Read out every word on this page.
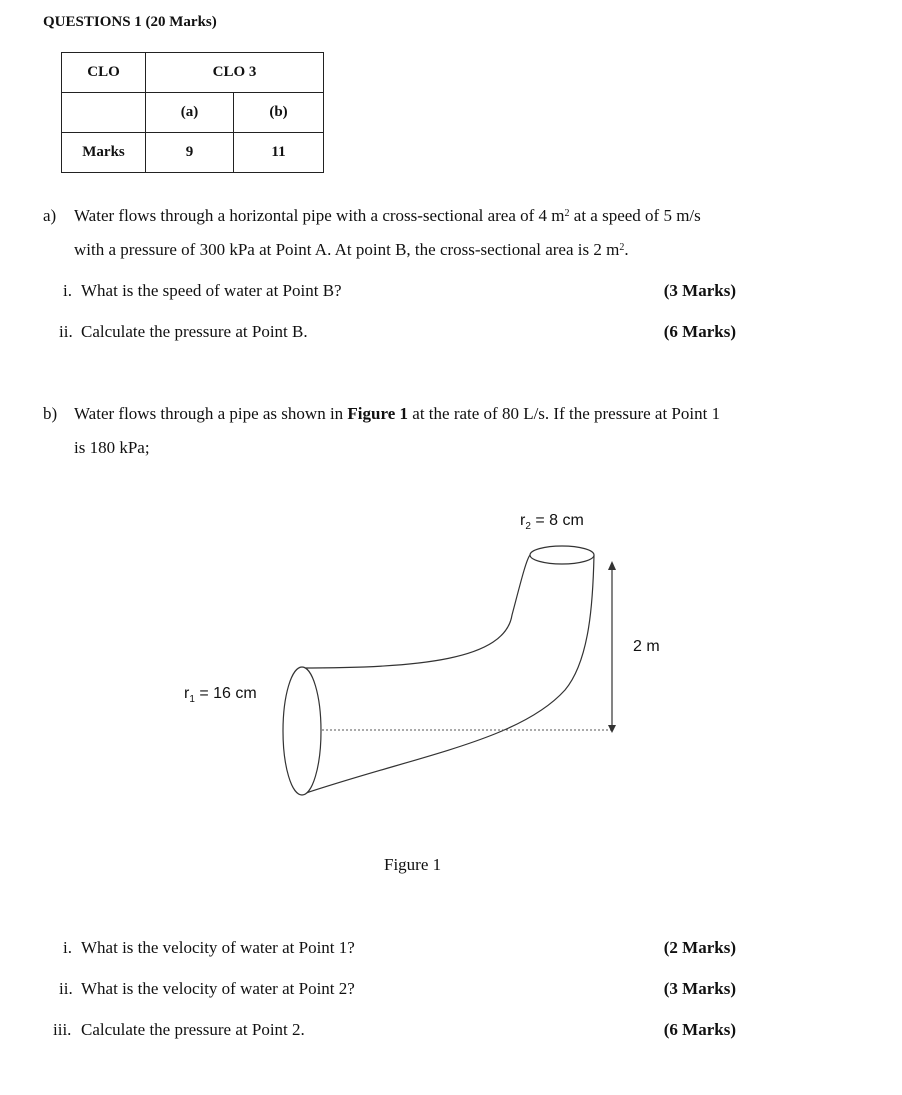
QUESTIONS 1 (20 Marks)
CLO	CLO 3	
	(a)	(b)
Marks	9	11
a) Water flows through a horizontal pipe with a cross-sectional area of 4 $m^2$ at a speed of 5 m/s
with a pressure of 300 kPa at Point A. At point B, the cross-sectional area is 2 $m^2$.
i. What is the speed of water at Point B?	(3 Marks)
ii. Calculate the pressure at Point B.	(6 Marks)
b) Water flows through a pipe as shown in Figure 1 at the rate of 80 L/s. If the pressure at Point 1
is 180 kPa;
$r_2 = 8$ cm
$r_1 = 16$ cm
2 m
Figure 1
i. What is the velocity of water at Point 1?	(2 Marks)
ii. What is the velocity of water at Point 2?	(3 Marks)
iii. Calculate the pressure at Point 2.	(6 Marks)
